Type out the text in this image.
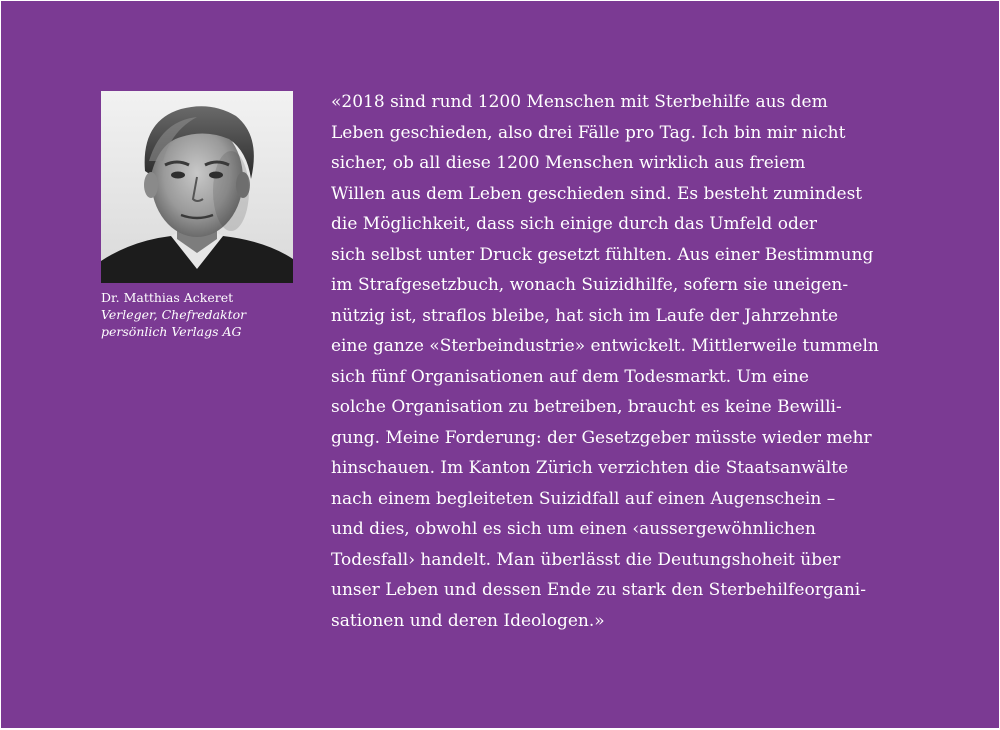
Dr. Matthias Ackeret
Verleger, Chefredaktor
persönlich Verlags AG
«2018 sind rund 1200 Menschen mit Sterbehilfe aus dem
Leben geschieden, also drei Fälle pro Tag. Ich bin mir nicht
sicher, ob all diese 1200 Menschen wirklich aus freiem
Willen aus dem Leben geschieden sind. Es besteht zumindest
die Möglichkeit, dass sich einige durch das Umfeld oder
sich selbst unter Druck gesetzt fühlten. Aus einer Bestimmung
im Strafgesetzbuch, wonach Suizidhilfe, sofern sie uneigen-
nützig ist, straflos bleibe, hat sich im Laufe der Jahrzehnte
eine ganze «Sterbeindustrie» entwickelt. Mittlerweile tummeln
sich fünf Organisationen auf dem Todesmarkt. Um eine
solche Organisation zu betreiben, braucht es keine Bewilli-
gung. Meine Forderung: der Gesetzgeber müsste wieder mehr
hinschauen. Im Kanton Zürich verzichten die Staatsanwälte
nach einem begleiteten Suizidfall auf einen Augenschein –
und dies, obwohl es sich um einen ‹aussergewöhnlichen
Todesfall› handelt. Man überlässt die Deutungshoheit über
unser Leben und dessen Ende zu stark den Sterbehilfeorgani-
sationen und deren Ideologen.»
